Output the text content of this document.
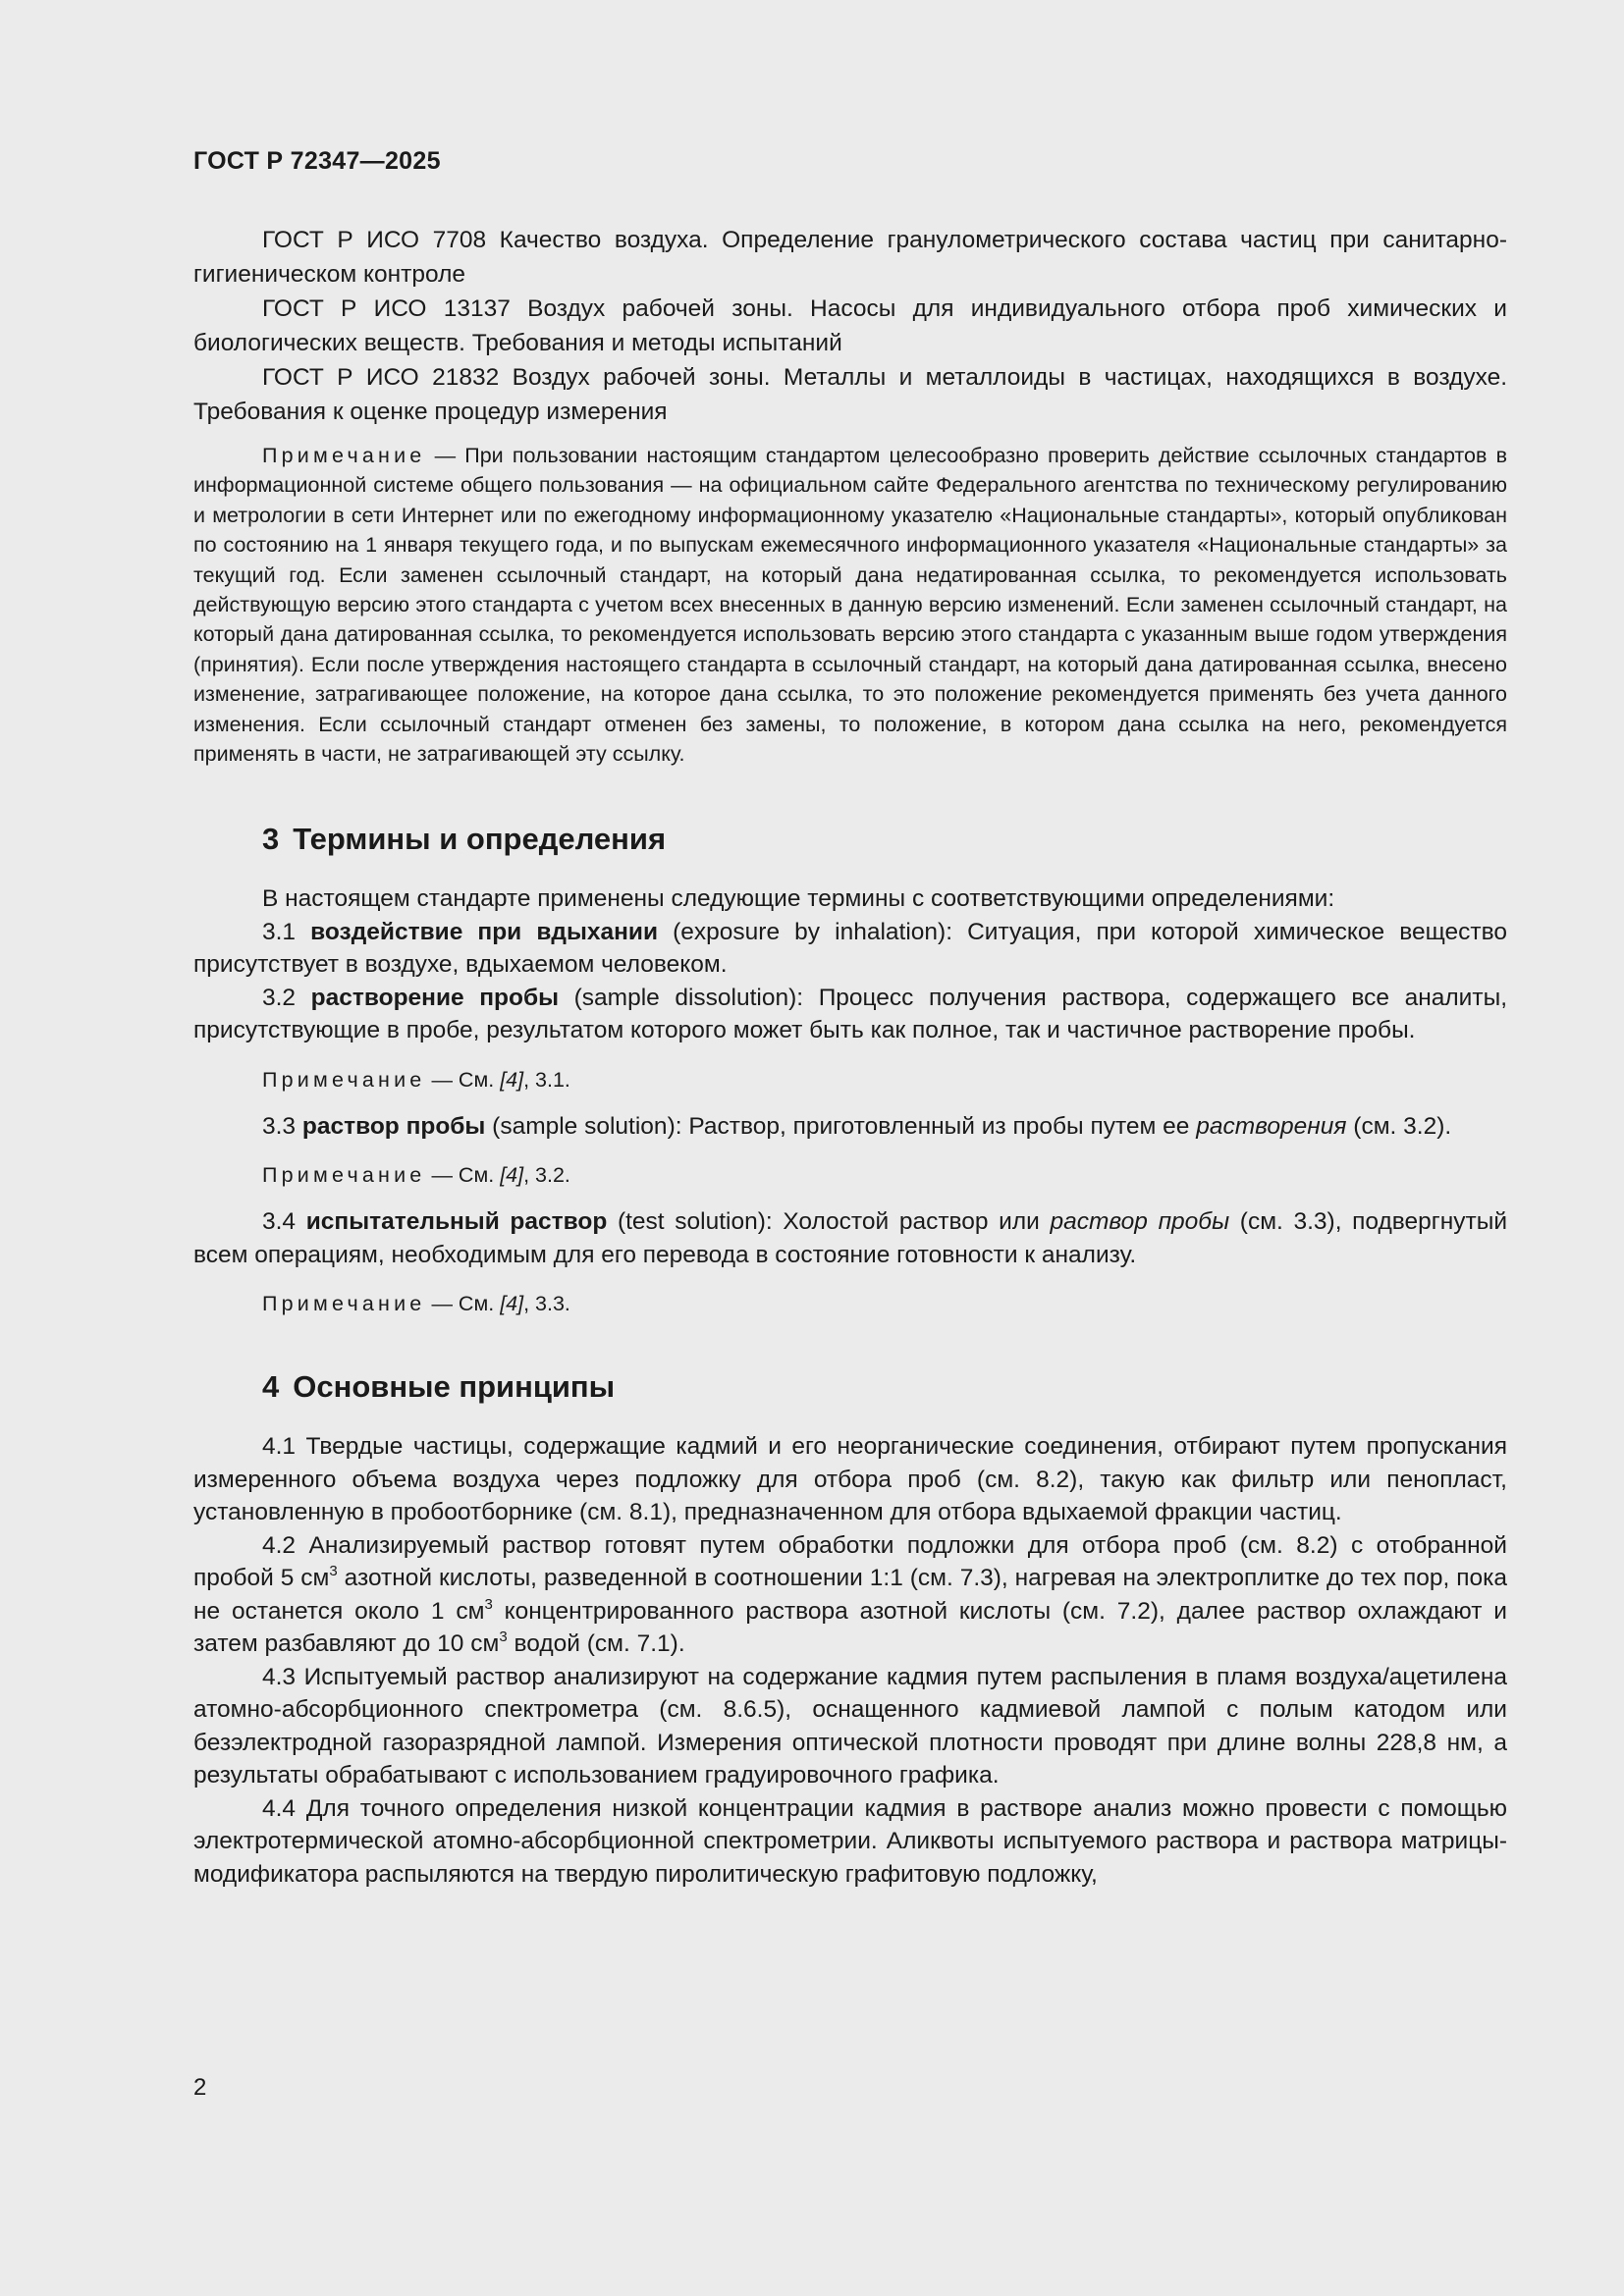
ГОСТ Р 72347—2025

ГОСТ Р ИСО 7708 Качество воздуха. Определение гранулометрического состава частиц при санитарно-гигиеническом контроле

ГОСТ Р ИСО 13137 Воздух рабочей зоны. Насосы для индивидуального отбора проб химических и биологических веществ. Требования и методы испытаний

ГОСТ Р ИСО 21832 Воздух рабочей зоны. Металлы и металлоиды в частицах, находящихся в воздухе. Требования к оценке процедур измерения

Примечание — При пользовании настоящим стандартом целесообразно проверить действие ссылочных стандартов в информационной системе общего пользования — на официальном сайте Федерального агентства по техническому регулированию и метрологии в сети Интернет или по ежегодному информационному указателю «Национальные стандарты», который опубликован по состоянию на 1 января текущего года, и по выпускам ежемесячного информационного указателя «Национальные стандарты» за текущий год. Если заменен ссылочный стандарт, на который дана недатированная ссылка, то рекомендуется использовать действующую версию этого стандарта с учетом всех внесенных в данную версию изменений. Если заменен ссылочный стандарт, на который дана датированная ссылка, то рекомендуется использовать версию этого стандарта с указанным выше годом утверждения (принятия). Если после утверждения настоящего стандарта в ссылочный стандарт, на который дана датированная ссылка, внесено изменение, затрагивающее положение, на которое дана ссылка, то это положение рекомендуется применять без учета данного изменения. Если ссылочный стандарт отменен без замены, то положение, в котором дана ссылка на него, рекомендуется применять в части, не затрагивающей эту ссылку.

3 Термины и определения

В настоящем стандарте применены следующие термины с соответствующими определениями:

3.1 воздействие при вдыхании (exposure by inhalation): Ситуация, при которой химическое вещество присутствует в воздухе, вдыхаемом человеком.

3.2 растворение пробы (sample dissolution): Процесс получения раствора, содержащего все аналиты, присутствующие в пробе, результатом которого может быть как полное, так и частичное растворение пробы.

Примечание — См. [4], 3.1.

3.3 раствор пробы (sample solution): Раствор, приготовленный из пробы путем ее растворения (см. 3.2).

Примечание — См. [4], 3.2.

3.4 испытательный раствор (test solution): Холостой раствор или раствор пробы (см. 3.3), подвергнутый всем операциям, необходимым для его перевода в состояние готовности к анализу.

Примечание — См. [4], 3.3.

4 Основные принципы

4.1 Твердые частицы, содержащие кадмий и его неорганические соединения, отбирают путем пропускания измеренного объема воздуха через подложку для отбора проб (см. 8.2), такую как фильтр или пенопласт, установленную в пробоотборнике (см. 8.1), предназначенном для отбора вдыхаемой фракции частиц.

4.2 Анализируемый раствор готовят путем обработки подложки для отбора проб (см. 8.2) с отобранной пробой 5 $см^3$ азотной кислоты, разведенной в соотношении 1:1 (см. 7.3), нагревая на электроплитке до тех пор, пока не останется около 1 $см^3$ концентрированного раствора азотной кислоты (см. 7.2), далее раствор охлаждают и затем разбавляют до 10 $см^3$ водой (см. 7.1).

4.3 Испытуемый раствор анализируют на содержание кадмия путем распыления в пламя воздуха/ацетилена атомно-абсорбционного спектрометра (см. 8.6.5), оснащенного кадмиевой лампой с полым катодом или безэлектродной газоразрядной лампой. Измерения оптической плотности проводят при длине волны 228,8 нм, а результаты обрабатывают с использованием градуировочного графика.

4.4 Для точного определения низкой концентрации кадмия в растворе анализ можно провести с помощью электротермической атомно-абсорбционной спектрометрии. Аликвоты испытуемого раствора и раствора матрицы-модификатора распыляются на твердую пиролитическую графитовую подложку,

2
